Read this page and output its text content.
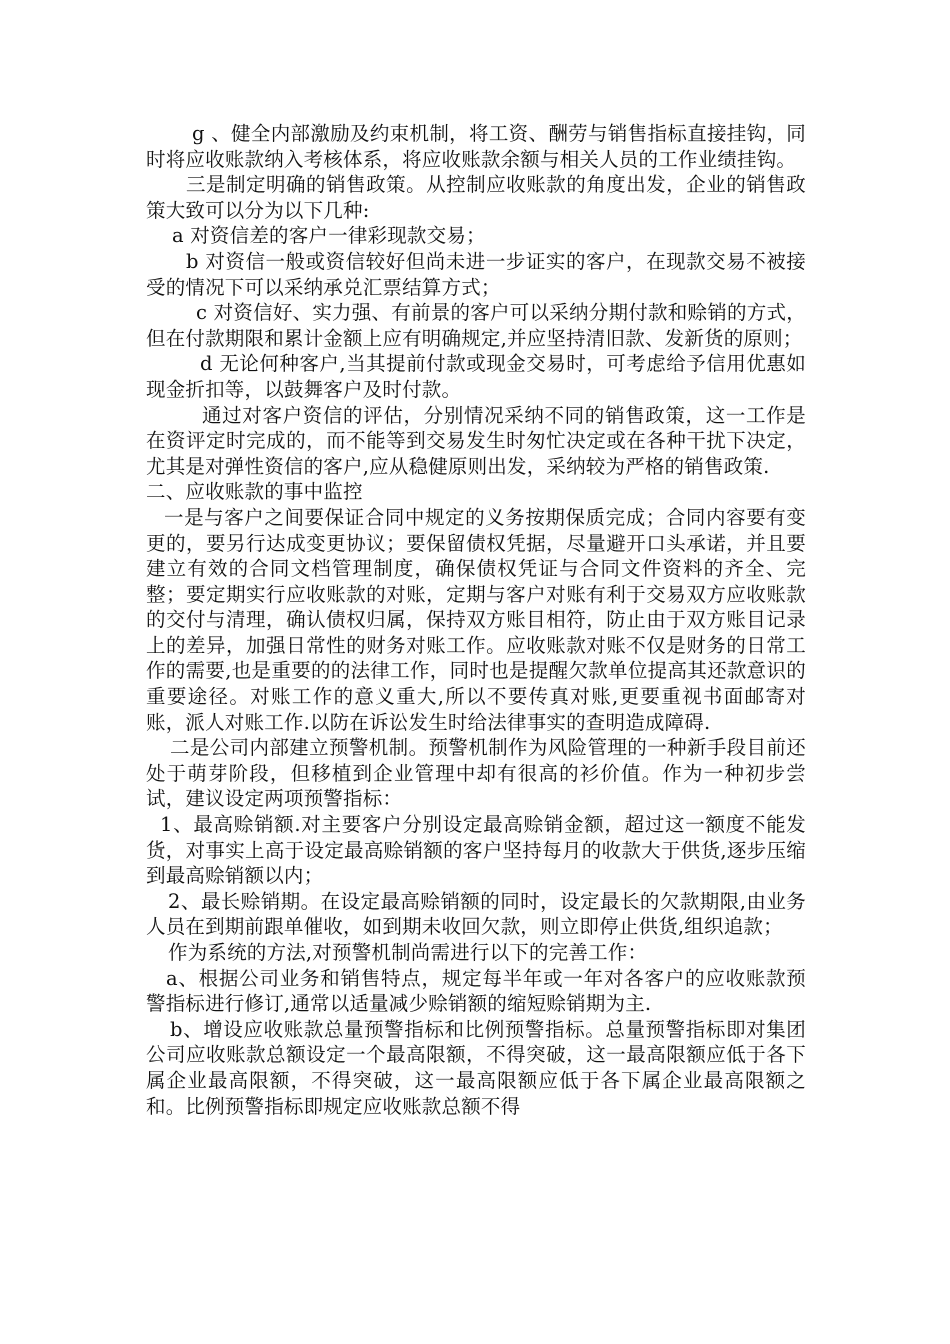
g 、健全内部激励及约束机制，将工资、酬劳与销售指标直接挂钩，同时将应收账款纳入考核体系，将应收账款余额与相关人员的工作业绩挂钩。

三是制定明确的销售政策。从控制应收账款的角度出发，企业的销售政策大致可以分为以下几种:

a 对资信差的客户一律彩现款交易；

b 对资信一般或资信较好但尚未进一步证实的客户，在现款交易不被接受的情况下可以采纳承兑汇票结算方式；

c 对资信好、实力强、有前景的客户可以采纳分期付款和赊销的方式，但在付款期限和累计金额上应有明确规定,并应坚持清旧款、发新货的原则；

d 无论何种客户,当其提前付款或现金交易时，可考虑给予信用优惠如现金折扣等，以鼓舞客户及时付款。

通过对客户资信的评估，分别情况采纳不同的销售政策，这一工作是在资评定时完成的，而不能等到交易发生时匆忙决定或在各种干扰下决定，尤其是对弹性资信的客户,应从稳健原则出发，采纳较为严格的销售政策.

二、应收账款的事中监控

一是与客户之间要保证合同中规定的义务按期保质完成；合同内容要有变更的，要另行达成变更协议；要保留债权凭据，尽量避开口头承诺，并且要建立有效的合同文档管理制度，确保债权凭证与合同文件资料的齐全、完整；要定期实行应收账款的对账，定期与客户对账有利于交易双方应收账款的交付与清理，确认债权归属，保持双方账目相符，防止由于双方账目记录上的差异，加强日常性的财务对账工作。应收账款对账不仅是财务的日常工作的需要,也是重要的的法律工作，同时也是提醒欠款单位提高其还款意识的重要途径。对账工作的意义重大,所以不要传真对账,更要重视书面邮寄对账，派人对账工作.以防在诉讼发生时给法律事实的查明造成障碍.

二是公司内部建立预警机制。预警机制作为风险管理的一种新手段目前还处于萌芽阶段，但移植到企业管理中却有很高的衫价值。作为一种初步尝试，建议设定两项预警指标：

1、最高赊销额.对主要客户分别设定最高赊销金额，超过这一额度不能发货，对事实上高于设定最高赊销额的客户坚持每月的收款大于供货,逐步压缩到最高赊销额以内；

2、最长赊销期。在设定最高赊销额的同时，设定最长的欠款期限,由业务人员在到期前跟单催收，如到期未收回欠款，则立即停止供货,组织追款；

作为系统的方法,对预警机制尚需进行以下的完善工作：

a、根据公司业务和销售特点，规定每半年或一年对各客户的应收账款预警指标进行修订,通常以适量减少赊销额的缩短赊销期为主.

b、增设应收账款总量预警指标和比例预警指标。总量预警指标即对集团公司应收账款总额设定一个最高限额，不得突破，这一最高限额应低于各下属企业最高限额，不得突破，这一最高限额应低于各下属企业最高限额之和。比例预警指标即规定应收账款总额不得
